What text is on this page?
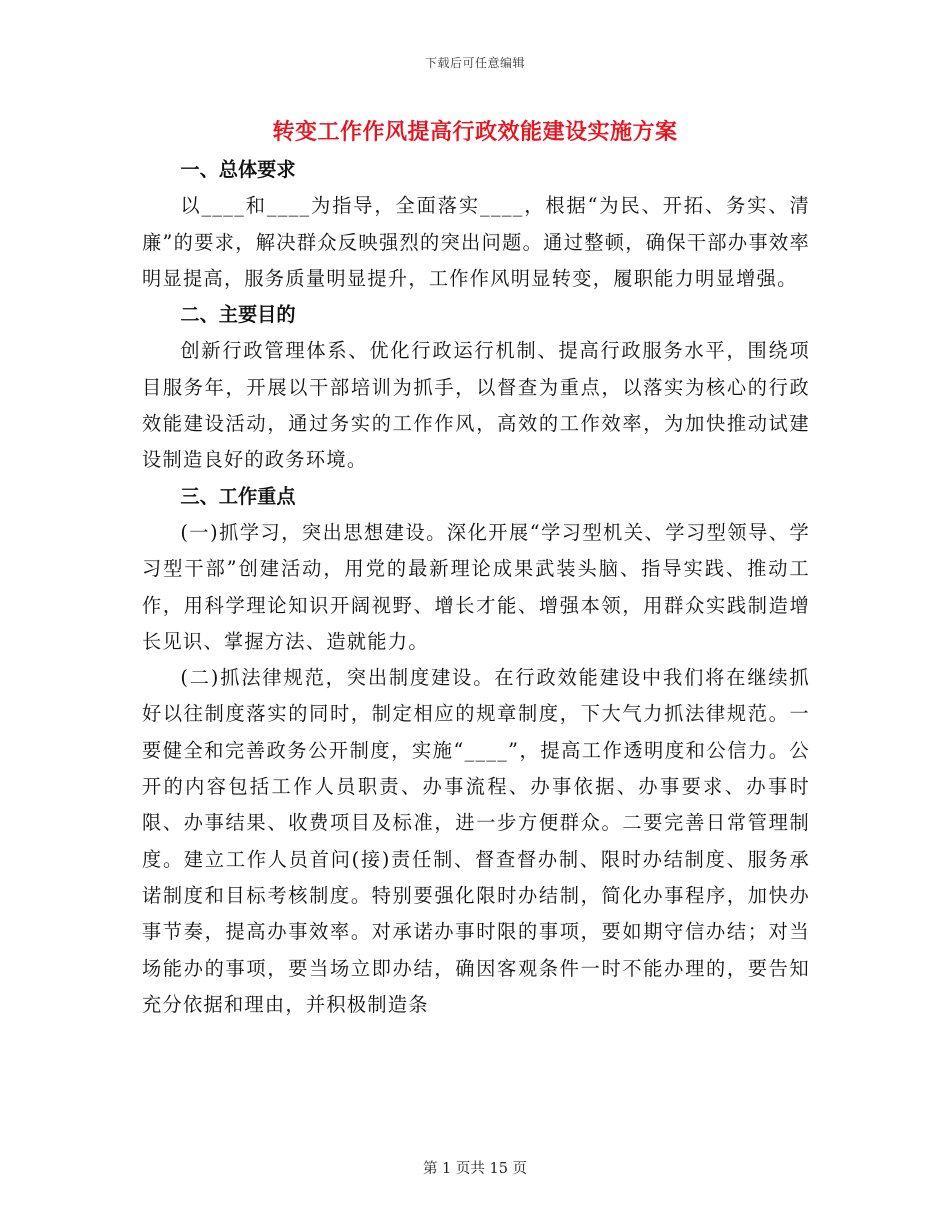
下载后可任意编辑
转变工作作风提高行政效能建设实施方案
一、总体要求
以____和____为指导，全面落实____，根据“为民、开拓、务实、清廉”的要求，解决群众反映强烈的突出问题。通过整顿，确保干部办事效率明显提高，服务质量明显提升，工作作风明显转变，履职能力明显增强。
二、主要目的
创新行政管理体系、优化行政运行机制、提高行政服务水平，围绕项目服务年，开展以干部培训为抓手，以督查为重点，以落实为核心的行政效能建设活动，通过务实的工作作风，高效的工作效率，为加快推动试建设制造良好的政务环境。
三、工作重点
(一)抓学习，突出思想建设。深化开展“学习型机关、学习型领导、学习型干部”创建活动，用党的最新理论成果武装头脑、指导实践、推动工作，用科学理论知识开阔视野、增长才能、增强本领，用群众实践制造增长见识、掌握方法、造就能力。
(二)抓法律规范，突出制度建设。在行政效能建设中我们将在继续抓好以往制度落实的同时，制定相应的规章制度，下大气力抓法律规范。一要健全和完善政务公开制度，实施“____”，提高工作透明度和公信力。公开的内容包括工作人员职责、办事流程、办事依据、办事要求、办事时限、办事结果、收费项目及标准，进一步方便群众。二要完善日常管理制度。建立工作人员首问(接)责任制、督查督办制、限时办结制度、服务承诺制度和目标考核制度。特别要强化限时办结制，简化办事程序，加快办事节奏，提高办事效率。对承诺办事时限的事项，要如期守信办结；对当场能办的事项，要当场立即办结，确因客观条件一时不能办理的，要告知充分依据和理由，并积极制造条
第 1 页共 15 页
